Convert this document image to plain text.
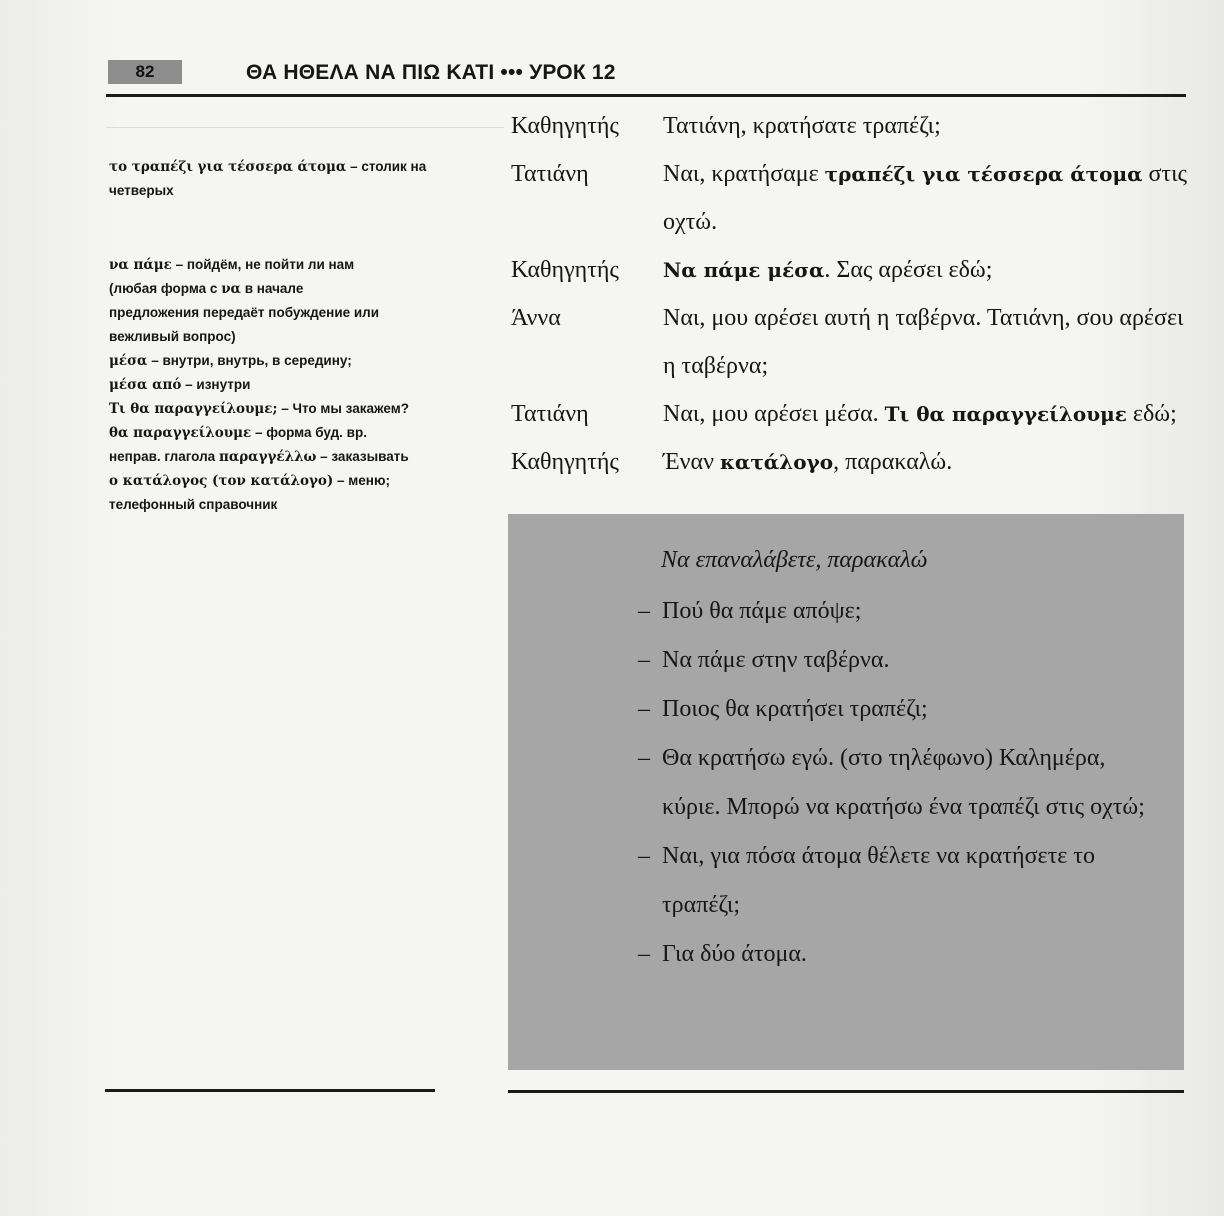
82	ΘΑ ΗΘΕΛΑ ΝΑ ΠΙΩ ΚΑΤΙ ••• УРОК 12
το τραπέζι για τέσσερα άτομα – столик на
четверых
να πάμε – пойдём, не пойти ли нам
(любая форма с να в начале
предложения передаёт побуждение или
вежливый вопрос)
μέσα – внутри, внутрь, в середину;
μέσα από – изнутри
Τι θα παραγγείλουμε; – Что мы закажем?
θα παραγγείλουμε – форма буд. вр.
неправ. глагола παραγγέλλω – заказывать
ο κατάλογος (τον κατάλογο) – меню;
телефонный справочник
Καθηγητής	Τατιάνη, κρατήσατε τραπέζι;
Τατιάνη	Ναι, κρατήσαμε τραπέζι για τέσσερα άτομα στις οχτώ.
Καθηγητής	Να πάμε μέσα. Σας αρέσει εδώ;
Άννα	Ναι, μου αρέσει αυτή η ταβέρνα. Τατιάνη, σου αρέσει η ταβέρνα;
Τατιάνη	Ναι, μου αρέσει μέσα. Τι θα παραγγείλουμε εδώ;
Καθηγητής	Έναν κατάλογο, παρακαλώ.
Να επαναλάβετε, παρακαλώ
– Πού θα πάμε απόψε;
– Να πάμε στην ταβέρνα.
– Ποιος θα κρατήσει τραπέζι;
– Θα κρατήσω εγώ. (στο τηλέφωνο) Καλημέρα, κύριε. Μπορώ να κρατήσω ένα τραπέζι στις οχτώ;
– Ναι, για πόσα άτομα θέλετε να κρατήσετε το τραπέζι;
– Για δύο άτομα.
